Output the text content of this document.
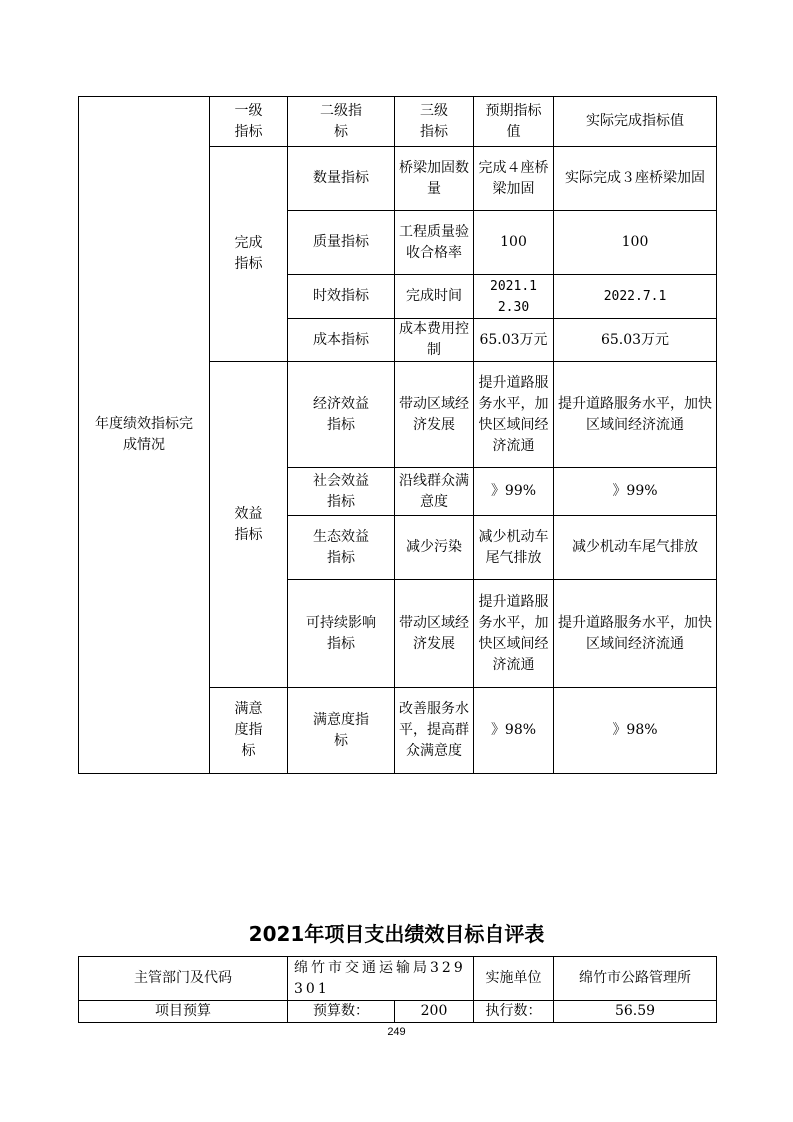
年度绩效指标完成情况	一级指标	二级指标	三级指标	预期指标值	实际完成指标值
	完成指标	数量指标	桥梁加固数量	完成４座桥梁加固	实际完成３座桥梁加固
		质量指标	工程质量验收合格率	100	100
		时效指标	完成时间	2021.12.30	2022.7.1
		成本指标	成本费用控制	65.03万元	65.03万元
	效益指标	经济效益指标	带动区域经济发展	提升道路服务水平，加快区域间经济流通	提升道路服务水平，加快区域间经济流通
		社会效益指标	沿线群众满意度	》99%	》99%
		生态效益指标	减少污染	减少机动车尾气排放	减少机动车尾气排放
		可持续影响指标	带动区域经济发展	提升道路服务水平，加快区域间经济流通	提升道路服务水平，加快区域间经济流通
	满意度指标	满意度指标	改善服务水平，提高群众满意度	》98%	》98%
2021年项目支出绩效目标自评表
主管部门及代码	绵竹市交通运输局329301		实施单位	绵竹市公路管理所
项目预算	预算数：	200	执行数：	56.59
249
